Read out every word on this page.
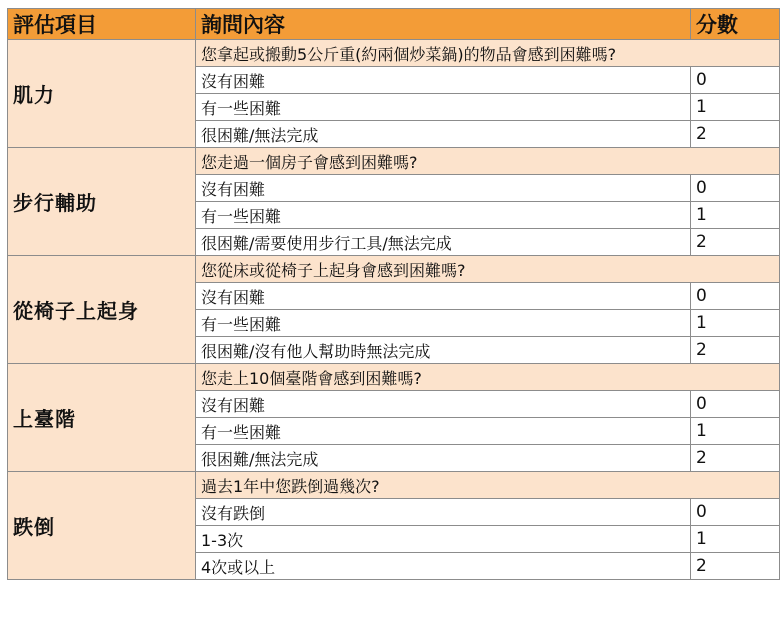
評估項目	詢問內容	分數
肌力	您拿起或搬動5公斤重(約兩個炒菜鍋)的物品會感到困難嗎?	
	沒有困難	0
	有一些困難	1
	很困難/無法完成	2
步行輔助	您走過一個房子會感到困難嗎?	
	沒有困難	0
	有一些困難	1
	很困難/需要使用步行工具/無法完成	2
從椅子上起身	您從床或從椅子上起身會感到困難嗎?	
	沒有困難	0
	有一些困難	1
	很困難/沒有他人幫助時無法完成	2
上臺階	您走上10個臺階會感到困難嗎?	
	沒有困難	0
	有一些困難	1
	很困難/無法完成	2
跌倒	過去1年中您跌倒過幾次?	
	沒有跌倒	0
	1-3次	1
	4次或以上	2
